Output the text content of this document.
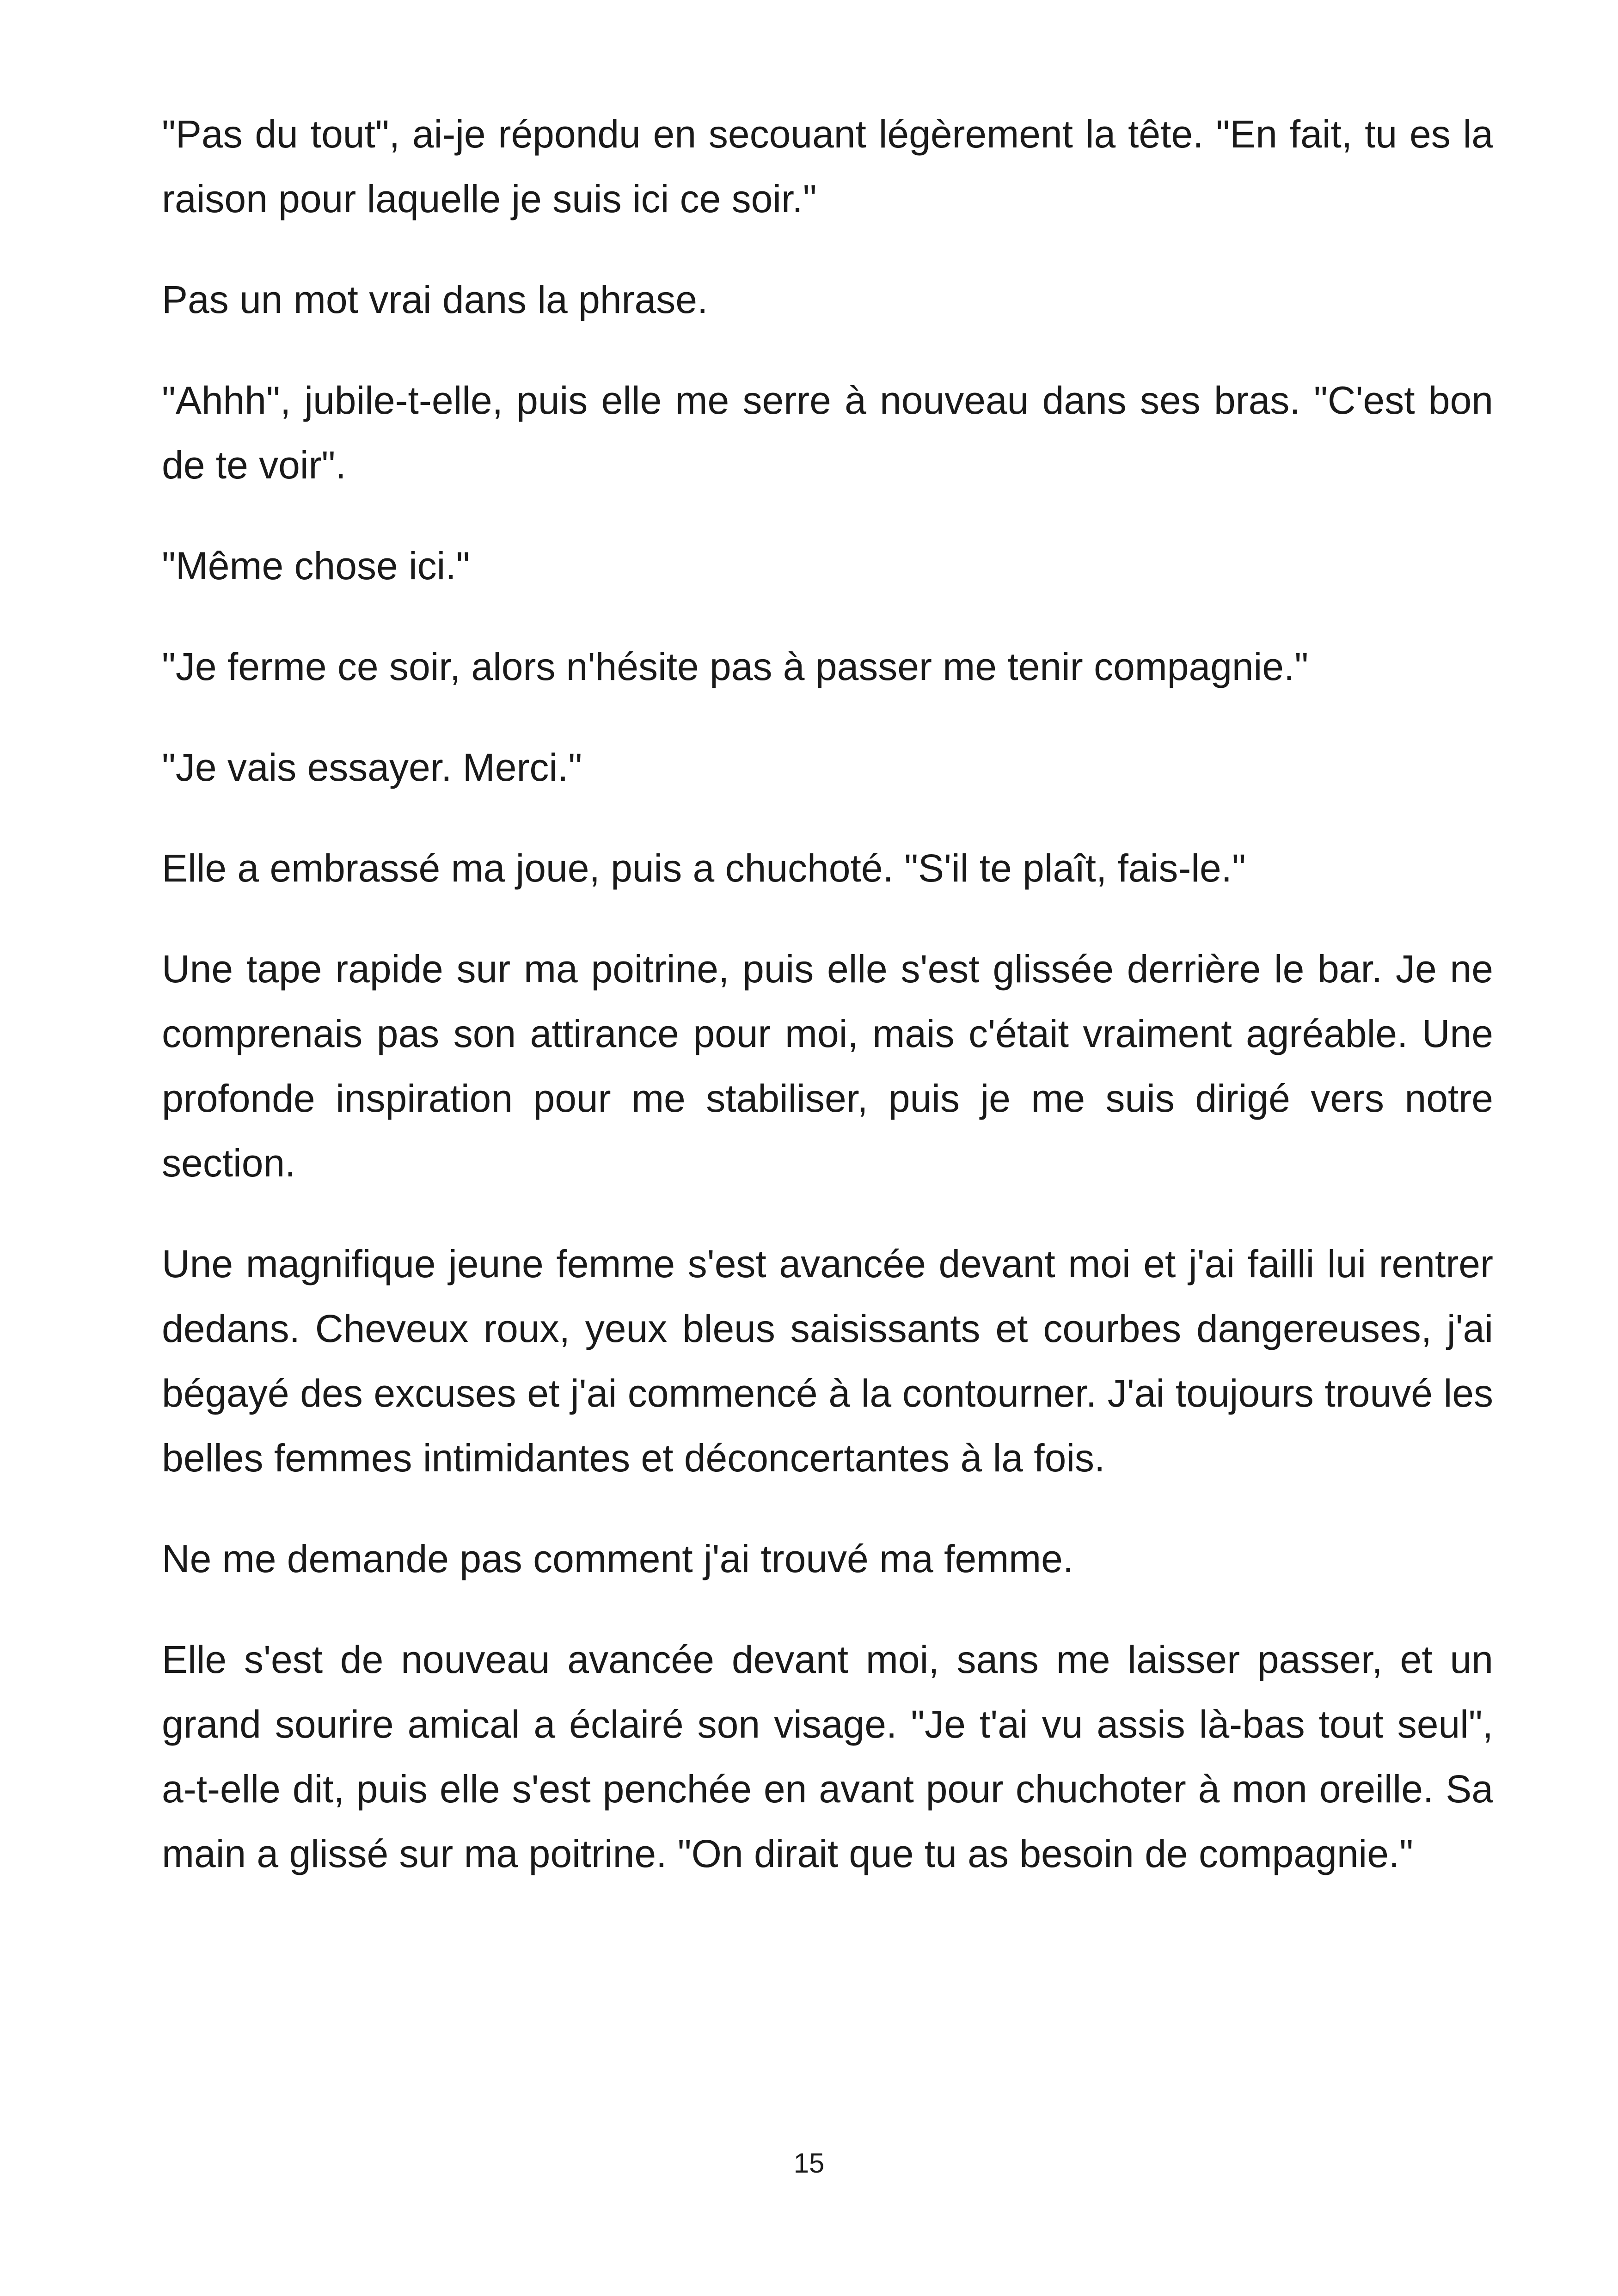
"Pas du tout", ai-je répondu en secouant légèrement la tête. "En fait, tu es la raison pour laquelle je suis ici ce soir."

Pas un mot vrai dans la phrase.

"Ahhh", jubile-t-elle, puis elle me serre à nouveau dans ses bras. "C'est bon de te voir".

"Même chose ici."

"Je ferme ce soir, alors n'hésite pas à passer me tenir compagnie."

"Je vais essayer. Merci."

Elle a embrassé ma joue, puis a chuchoté. "S'il te plaît, fais-le."

Une tape rapide sur ma poitrine, puis elle s'est glissée derrière le bar. Je ne comprenais pas son attirance pour moi, mais c'était vraiment agréable. Une profonde inspiration pour me stabiliser, puis je me suis dirigé vers notre section.

Une magnifique jeune femme s'est avancée devant moi et j'ai failli lui rentrer dedans. Cheveux roux, yeux bleus saisissants et courbes dangereuses, j'ai bégayé des excuses et j'ai commencé à la contourner. J'ai toujours trouvé les belles femmes intimidantes et déconcertantes à la fois.

Ne me demande pas comment j'ai trouvé ma femme.

Elle s'est de nouveau avancée devant moi, sans me laisser passer, et un grand sourire amical a éclairé son visage. "Je t'ai vu assis là-bas tout seul", a-t-elle dit, puis elle s'est penchée en avant pour chuchoter à mon oreille. Sa main a glissé sur ma poitrine. "On dirait que tu as besoin de compagnie."

15
